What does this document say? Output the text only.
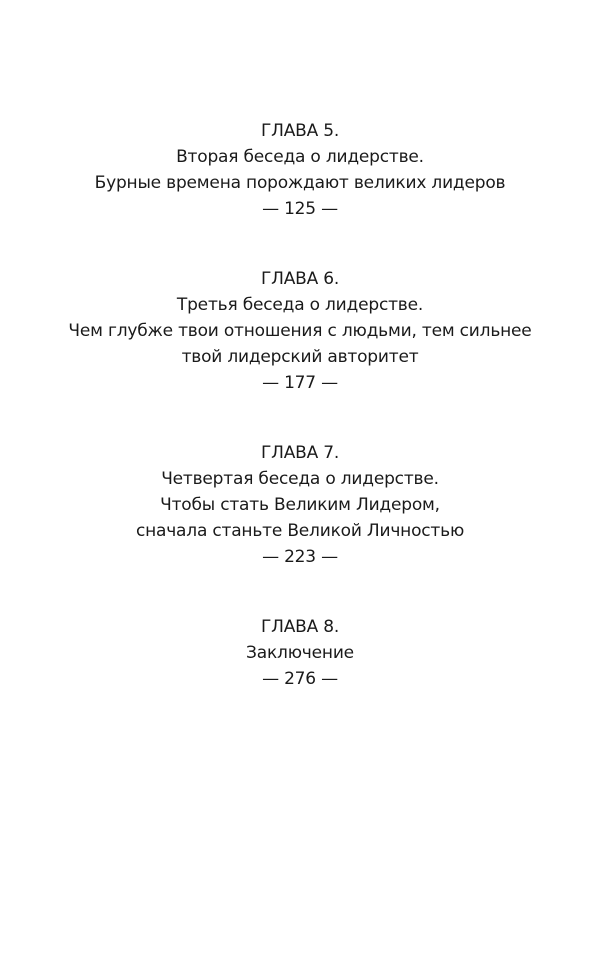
ГЛАВА 5.
Вторая беседа о лидерстве.
Бурные времена порождают великих лидеров
— 125 —
ГЛАВА 6.
Третья беседа о лидерстве.
Чем глубже твои отношения с людьми, тем сильнее
твой лидерский авторитет
— 177 —
ГЛАВА 7.
Четвертая беседа о лидерстве.
Чтобы стать Великим Лидером,
сначала станьте Великой Личностью
— 223 —
ГЛАВА 8.
Заключение
— 276 —
